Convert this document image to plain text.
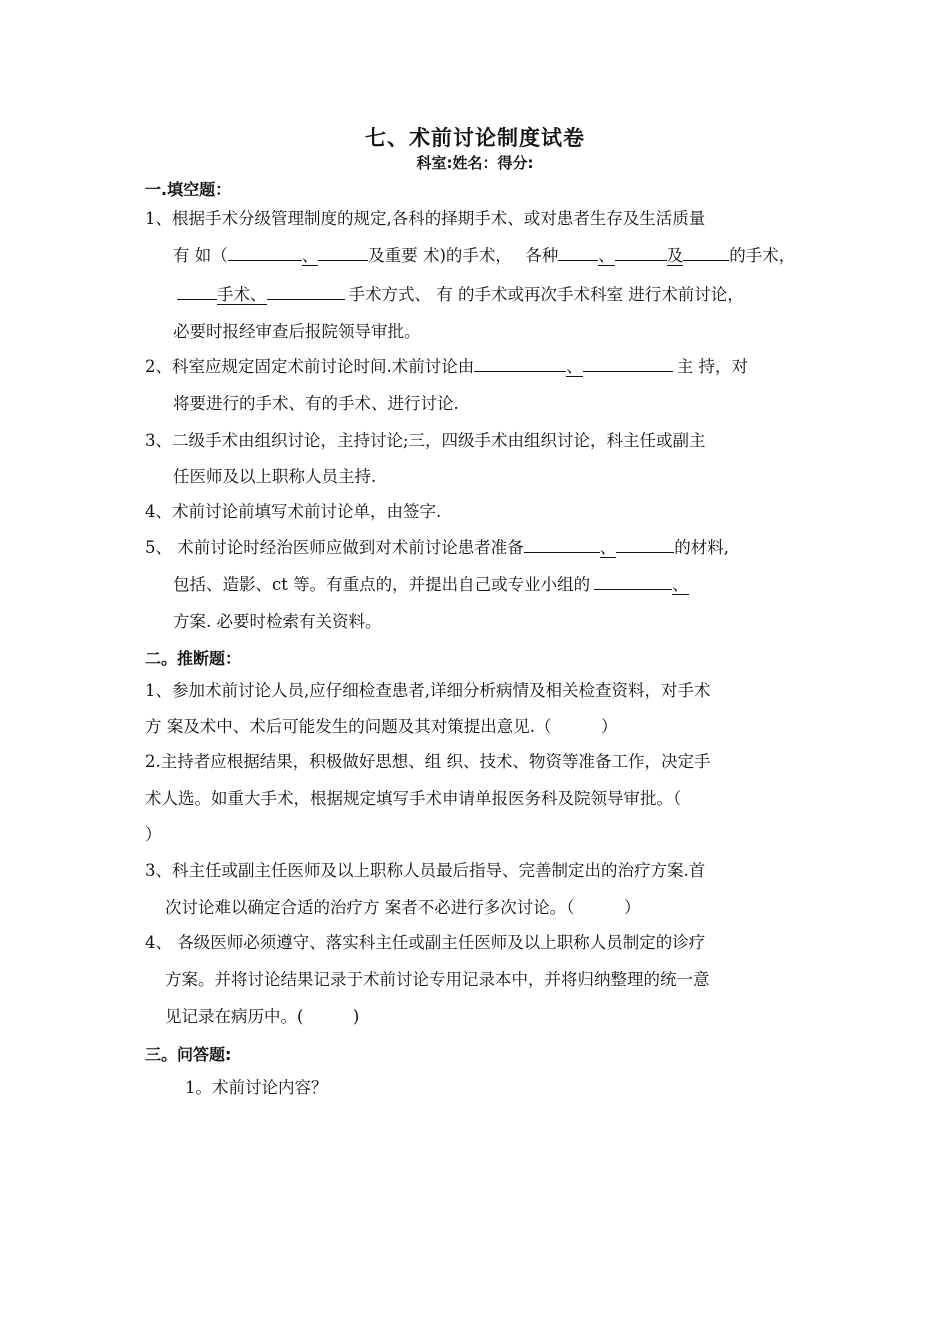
七、术前讨论制度试卷
科室:姓名：得分:
一.填空题：
1、根据手术分级管理制度的规定,各科的择期手术、或对患者生存及生活质量
有 如（	、	及重要 术)的手术， 各种 、	及	的手术，
手术、	手术方式、 有 的手术或再次手术科室 进行术前讨论，
必要时报经审查后报院领导审批。
2、科室应规定固定术前讨论时间.术前讨论由	、	主 持，对
将要进行的手术、有的手术、进行讨论.
3、二级手术由组织讨论，主持讨论;三，四级手术由组织讨论，科主任或副主
任医师及以上职称人员主持.
4、术前讨论前填写术前讨论单，由签字.
5、 术前讨论时经治医师应做到对术前讨论患者准备	、	的材料,
包括、造影、ct 等。有重点的，并提出自己或专业小组的	、
方案. 必要时检索有关资料。
二。推断题：
1、参加术前讨论人员,应仔细检查患者,详细分析病情及相关检查资料，对手术
方 案及术中、术后可能发生的问题及其对策提出意见.（　　　）
2.主持者应根据结果，积极做好思想、组 织、技术、物资等准备工作，决定手
术人选。如重大手术，根据规定填写手术申请单报医务科及院领导审批。（
）
3、科主任或副主任医师及以上职称人员最后指导、完善制定出的治疗方案.首
次讨论难以确定合适的治疗方 案者不必进行多次讨论。（　　　）
4、 各级医师必须遵守、落实科主任或副主任医师及以上职称人员制定的诊疗
方案。并将讨论结果记录于术前讨论专用记录本中，并将归纳整理的统一意
见记录在病历中。(　　　)
三。问答题:
1。术前讨论内容？
